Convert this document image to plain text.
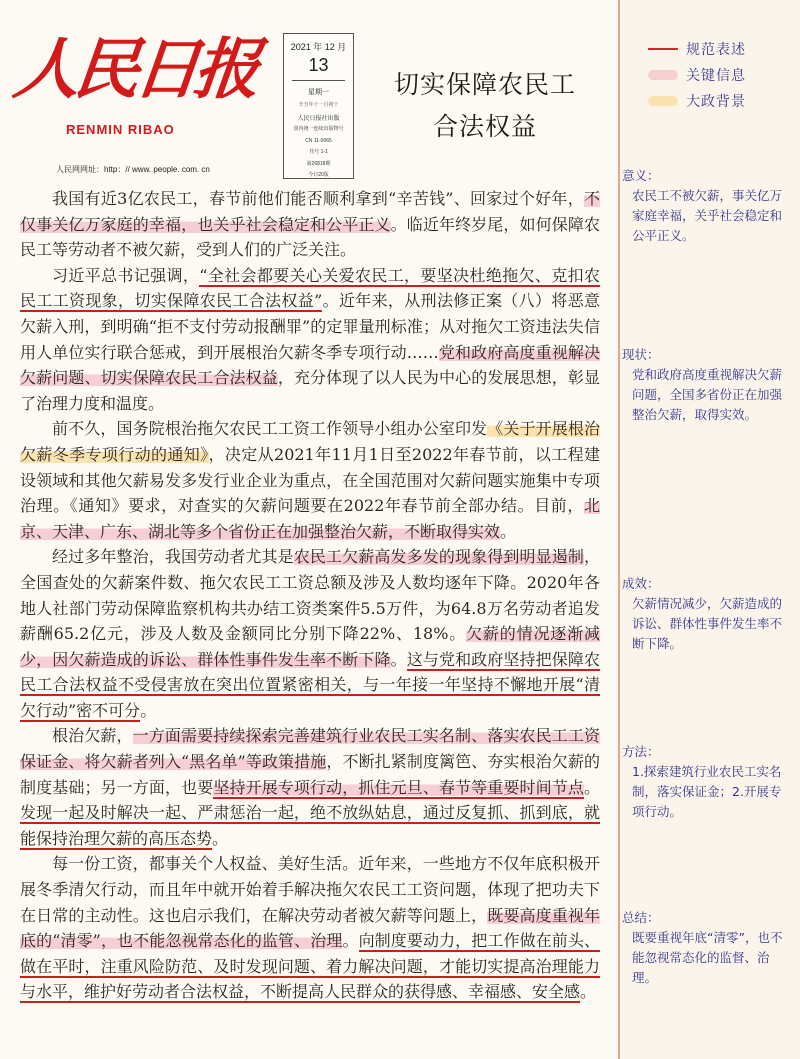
人民日报
RENMIN RIBAO
人民网网址：http：// www. people. com. cn
2021 年 12 月
13
星期一
辛丑年十一月初十
人民日报社出版
国内统一连续出版物号
CN 11-0065
代号 1-1
第26818期
今日20版
切实保障农民工
合法权益

我国有近3亿农民工，春节前他们能否顺利拿到“辛苦钱”、回家过个好年，不仅事关亿万家庭的幸福，也关乎社会稳定和公平正义。临近年终岁尾，如何保障农民工等劳动者不被欠薪，受到人们的广泛关注。

习近平总书记强调，“全社会都要关心关爱农民工，要坚决杜绝拖欠、克扣农民工工资现象，切实保障农民工合法权益”。近年来，从刑法修正案（八）将恶意欠薪入刑，到明确“拒不支付劳动报酬罪”的定罪量刑标准；从对拖欠工资违法失信用人单位实行联合惩戒，到开展根治欠薪冬季专项行动……党和政府高度重视解决欠薪问题、切实保障农民工合法权益，充分体现了以人民为中心的发展思想，彰显了治理力度和温度。

前不久，国务院根治拖欠农民工工资工作领导小组办公室印发《关于开展根治欠薪冬季专项行动的通知》，决定从2021年11月1日至2022年春节前，以工程建设领域和其他欠薪易发多发行业企业为重点，在全国范围对欠薪问题实施集中专项治理。《通知》要求，对查实的欠薪问题要在2022年春节前全部办结。目前，北京、天津、广东、湖北等多个省份正在加强整治欠薪，不断取得实效。

经过多年整治，我国劳动者尤其是农民工欠薪高发多发的现象得到明显遏制，全国查处的欠薪案件数、拖欠农民工工资总额及涉及人数均逐年下降。2020年各地人社部门劳动保障监察机构共办结工资类案件5.5万件，为64.8万名劳动者追发薪酬65.2亿元，涉及人数及金额同比分别下降22%、18%。欠薪的情况逐渐减少，因欠薪造成的诉讼、群体性事件发生率不断下降。这与党和政府坚持把保障农民工合法权益不受侵害放在突出位置紧密相关，与一年接一年坚持不懈地开展“清欠行动”密不可分。

根治欠薪，一方面需要持续探索完善建筑行业农民工实名制、落实农民工工资保证金、将欠薪者列入“黑名单”等政策措施，不断扎紧制度篱笆、夯实根治欠薪的制度基础；另一方面，也要坚持开展专项行动，抓住元旦、春节等重要时间节点。发现一起及时解决一起、严肃惩治一起，绝不放纵姑息，通过反复抓、抓到底，就能保持治理欠薪的高压态势。

每一份工资，都事关个人权益、美好生活。近年来，一些地方不仅年底积极开展冬季清欠行动，而且年中就开始着手解决拖欠农民工工资问题，体现了把功夫下在日常的主动性。这也启示我们，在解决劳动者被欠薪等问题上，既要高度重视年底的“清零”，也不能忽视常态化的监管、治理。向制度要动力，把工作做在前头、做在平时，注重风险防范、及时发现问题、着力解决问题，才能切实提高治理能力与水平，维护好劳动者合法权益，不断提高人民群众的获得感、幸福感、安全感。

规范表述
关键信息
大政背景
意义：
农民工不被欠薪，事关亿万家庭幸福，关乎社会稳定和公平正义。
现状：
党和政府高度重视解决欠薪问题，全国多省份正在加强整治欠薪，取得实效。
成效：
欠薪情况减少，欠薪造成的诉讼、群体性事件发生率不断下降。
方法：
1.探索建筑行业农民工实名制，落实保证金；2.开展专项行动。
总结：
既要重视年底“清零”，也不能忽视常态化的监督、治理。
